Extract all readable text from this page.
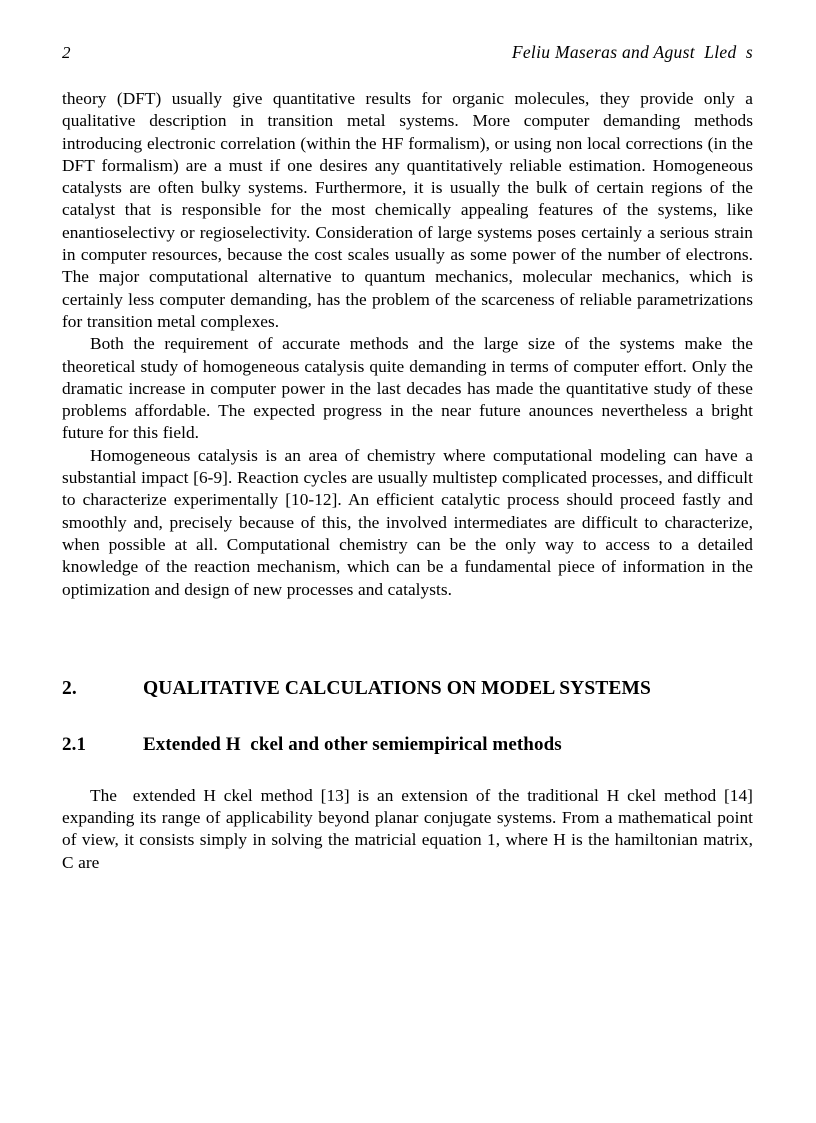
2	Feliu Maseras and Agust  Lled  s

theory (DFT) usually give quantitative results for organic molecules, they provide only a qualitative description in transition metal systems. More computer demanding methods introducing electronic correlation (within the HF formalism), or using non local corrections (in the DFT formalism) are a must if one desires any quantitatively reliable estimation. Homogeneous catalysts are often bulky systems. Furthermore, it is usually the bulk of certain regions of the catalyst that is responsible for the most chemically appealing features of the systems, like enantioselectivy or regioselectivity. Consideration of large systems poses certainly a serious strain in computer resources, because the cost scales usually as some power of the number of electrons. The major computational alternative to quantum mechanics, molecular mechanics, which is certainly less computer demanding, has the problem of the scarceness of reliable parametrizations for transition metal complexes.

Both the requirement of accurate methods and the large size of the systems make the theoretical study of homogeneous catalysis quite demanding in terms of computer effort. Only the dramatic increase in computer power in the last decades has made the quantitative study of these problems affordable. The expected progress in the near future anounces nevertheless a bright future for this field.

Homogeneous catalysis is an area of chemistry where computational modeling can have a substantial impact [6-9]. Reaction cycles are usually multistep complicated processes, and difficult to characterize experimentally [10-12]. An efficient catalytic process should proceed fastly and smoothly and, precisely because of this, the involved intermediates are difficult to characterize, when possible at all. Computational chemistry can be the only way to access to a detailed knowledge of the reaction mechanism, which can be a fundamental piece of information in the optimization and design of new processes and catalysts.

2.	QUALITATIVE CALCULATIONS ON MODEL SYSTEMS
2.1	Extended H  ckel and other semiempirical methods

The  extended H ckel method [13] is an extension of the traditional H ckel method [14] expanding its range of applicability beyond planar conjugate systems. From a mathematical point of view, it consists simply in solving the matricial equation 1, where H is the hamiltonian matrix, C are
